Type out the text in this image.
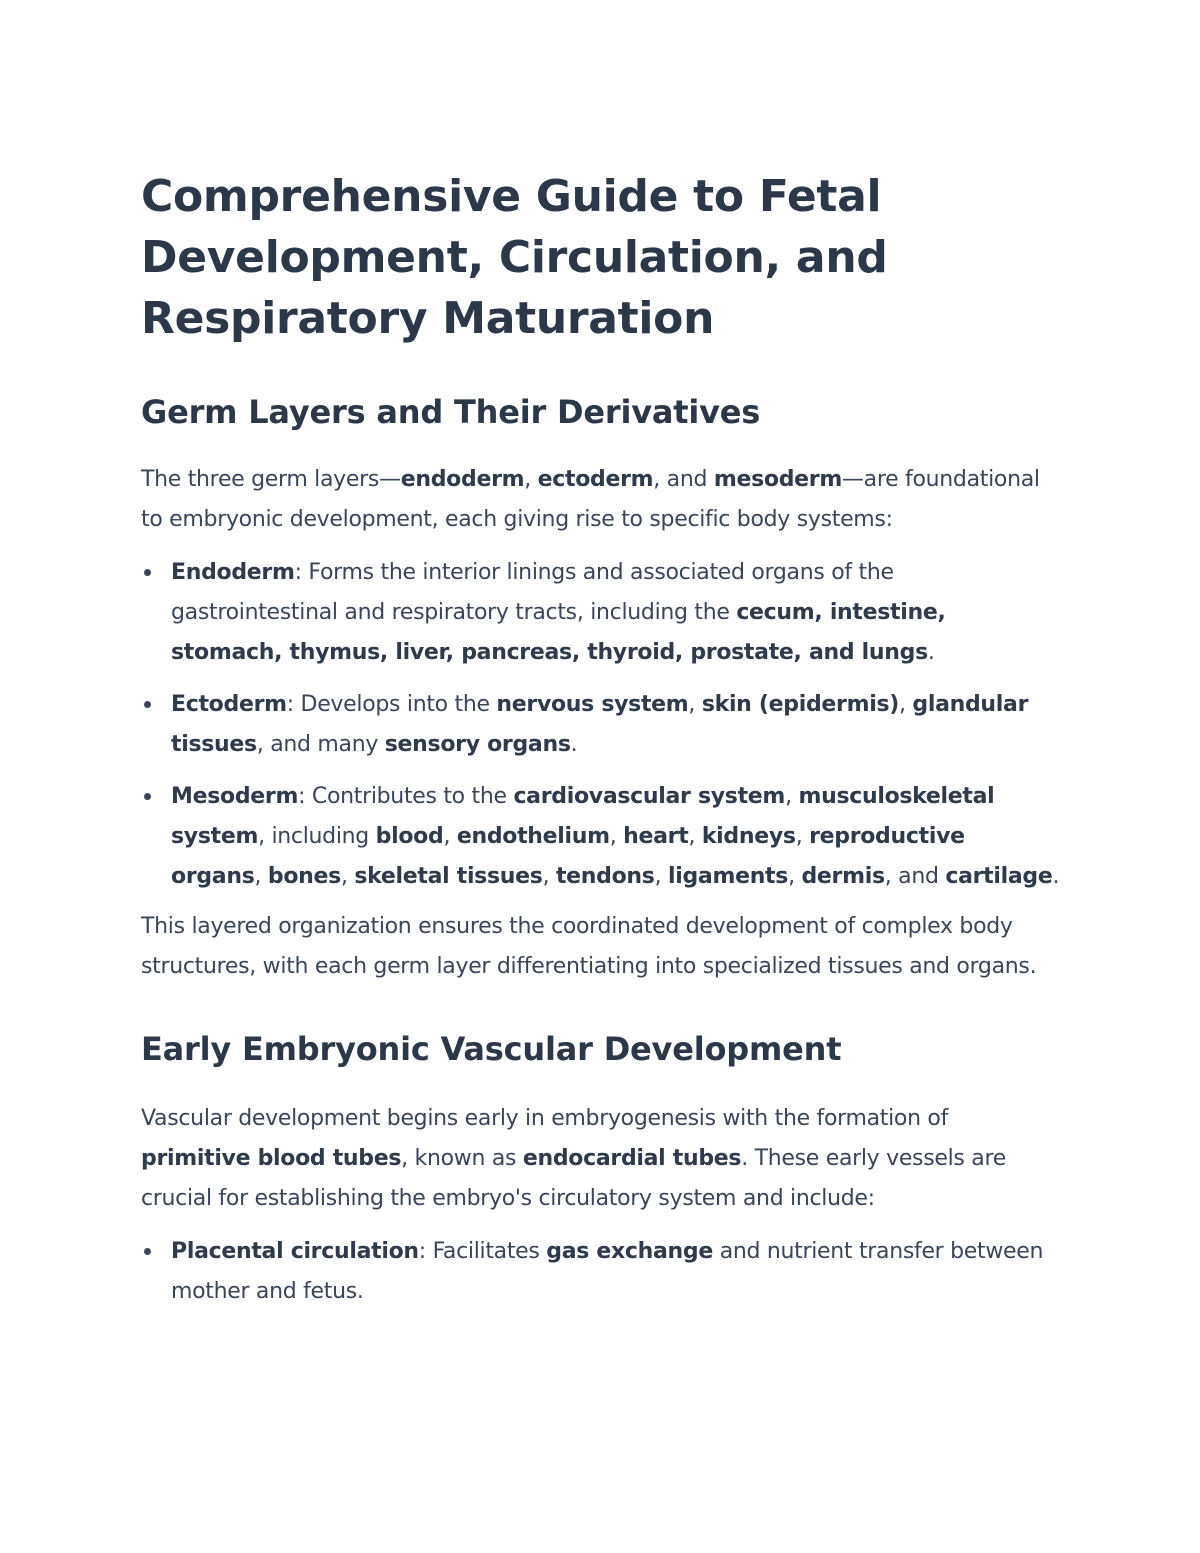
Comprehensive Guide to Fetal
Development, Circulation, and
Respiratory Maturation
Germ Layers and Their Derivatives

The three germ layers—endoderm, ectoderm, and mesoderm—are foundational to embryonic development, each giving rise to specific body systems:

Endoderm: Forms the interior linings and associated organs of the gastrointestinal and respiratory tracts, including the cecum, intestine, stomach, thymus, liver, pancreas, thyroid, prostate, and lungs.
Ectoderm: Develops into the nervous system, skin (epidermis), glandular tissues, and many sensory organs.
Mesoderm: Contributes to the cardiovascular system, musculoskeletal system, including blood, endothelium, heart, kidneys, reproductive organs, bones, skeletal tissues, tendons, ligaments, dermis, and cartilage.

This layered organization ensures the coordinated development of complex body structures, with each germ layer differentiating into specialized tissues and organs.

Early Embryonic Vascular Development

Vascular development begins early in embryogenesis with the formation of primitive blood tubes, known as endocardial tubes. These early vessels are crucial for establishing the embryo's circulatory system and include:

Placental circulation: Facilitates gas exchange and nutrient transfer between mother and fetus.
